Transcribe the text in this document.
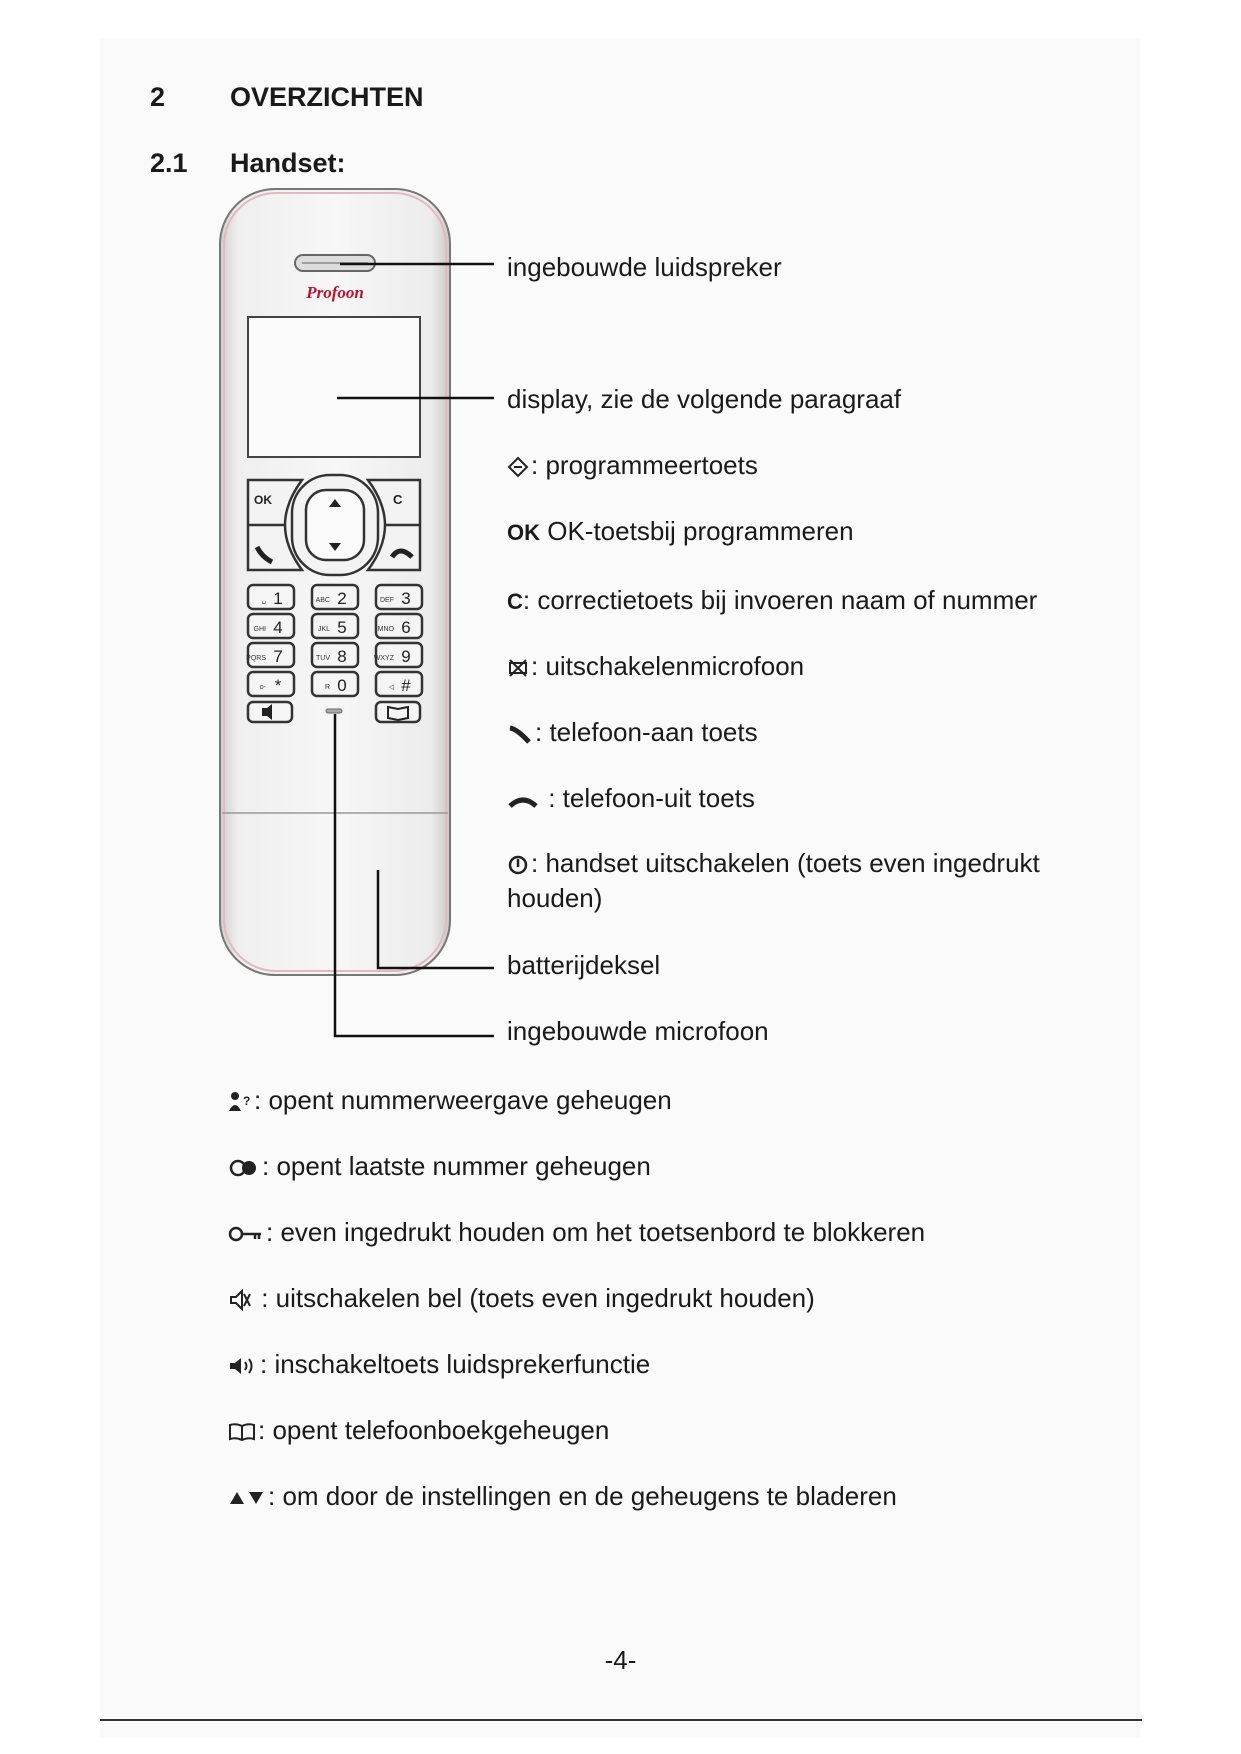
2 OVERZICHTEN
2.1 Handset:
Profoon
OK	C
␣ 1	ABC 2	DEF 3
GHI 4	JKL 5	MNO 6
PQRS 7	TUV 8	WXYZ 9
o- *	R 0	◁ #
ingebouwde luidspreker
display, zie de volgende paragraaf
: programmeertoets
OK OK-toetsbij programmeren
C: correctietoets bij invoeren naam of nummer
: uitschakelenmicrofoon
: telefoon-aan toets
: telefoon-uit toets
: handset uitschakelen (toets even ingedrukt houden)
batterijdeksel
ingebouwde microfoon
? : opent nummerweergave geheugen
: opent laatste nummer geheugen
: even ingedrukt houden om het toetsenbord te blokkeren
: uitschakelen bel (toets even ingedrukt houden)
: inschakeltoets luidsprekerfunctie
: opent telefoonboekgeheugen
: om door de instellingen en de geheugens te bladeren
-4-
